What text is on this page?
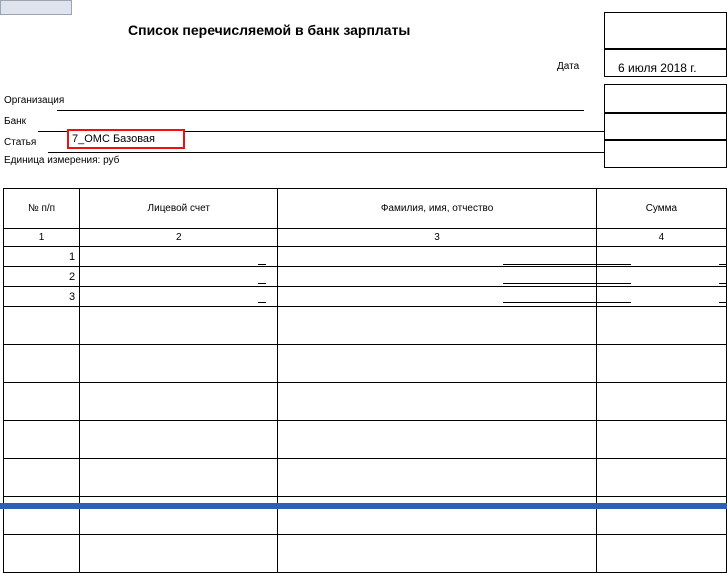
Список перечисляемой в банк зарплаты
Дата	6 июля 2018 г.
Организация
Банк
Статья	7_ОМС Базовая
Единица измерения: руб
№ п/п	Лицевой счет	Фамилия, имя, отчество	Сумма
1	2	3	4

1			

2			

3			
